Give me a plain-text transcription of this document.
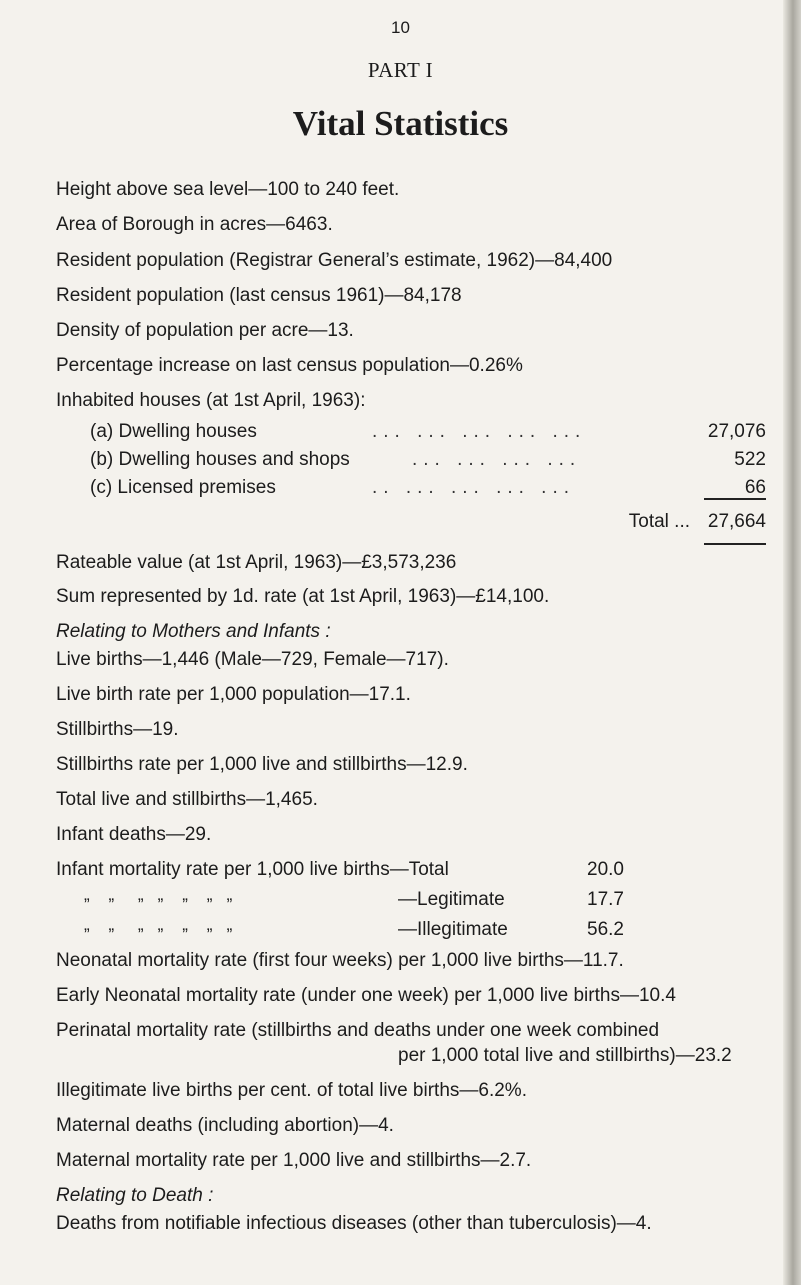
10
PART I
Vital Statistics
Height above sea level—100 to 240 feet.
Area of Borough in acres—6463.
Resident population (Registrar General’s estimate, 1962)—84,400
Resident population (last census 1961)—84,178
Density of population per acre—13.
Percentage increase on last census population—0.26%
Inhabited houses (at 1st April, 1963):
(a) Dwelling houses	... ... ... ... ...	27,076
(b) Dwelling houses and shops	... ... ... ...	522
(c) Licensed premises	.. ... ... ... ...	66
Total ... 27,664
Rateable value (at 1st April, 1963)—£3,573,236
Sum represented by 1d. rate (at 1st April, 1963)—£14,100.
Relating to Mothers and Infants :
Live births—1,446 (Male—729, Female—717).
Live birth rate per 1,000 population—17.1.
Stillbirths—19.
Stillbirths rate per 1,000 live and stillbirths—12.9.
Total live and stillbirths—1,465.
Infant deaths—29.
Infant mortality rate per 1,000 live births—Total	20.0
„    „     „   „    „    „   „	—Legitimate	17.7
„    „     „   „    „    „   „	—Illegitimate	56.2
Neonatal mortality rate (first four weeks) per 1,000 live births—11.7.
Early Neonatal mortality rate (under one week) per 1,000 live births—10.4
Perinatal mortality rate (stillbirths and deaths under one week combined
per 1,000 total live and stillbirths)—23.2
Illegitimate live births per cent. of total live births—6.2%.
Maternal deaths (including abortion)—4.
Maternal mortality rate per 1,000 live and stillbirths—2.7.
Relating to Death :
Deaths from notifiable infectious diseases (other than tuberculosis)—4.
